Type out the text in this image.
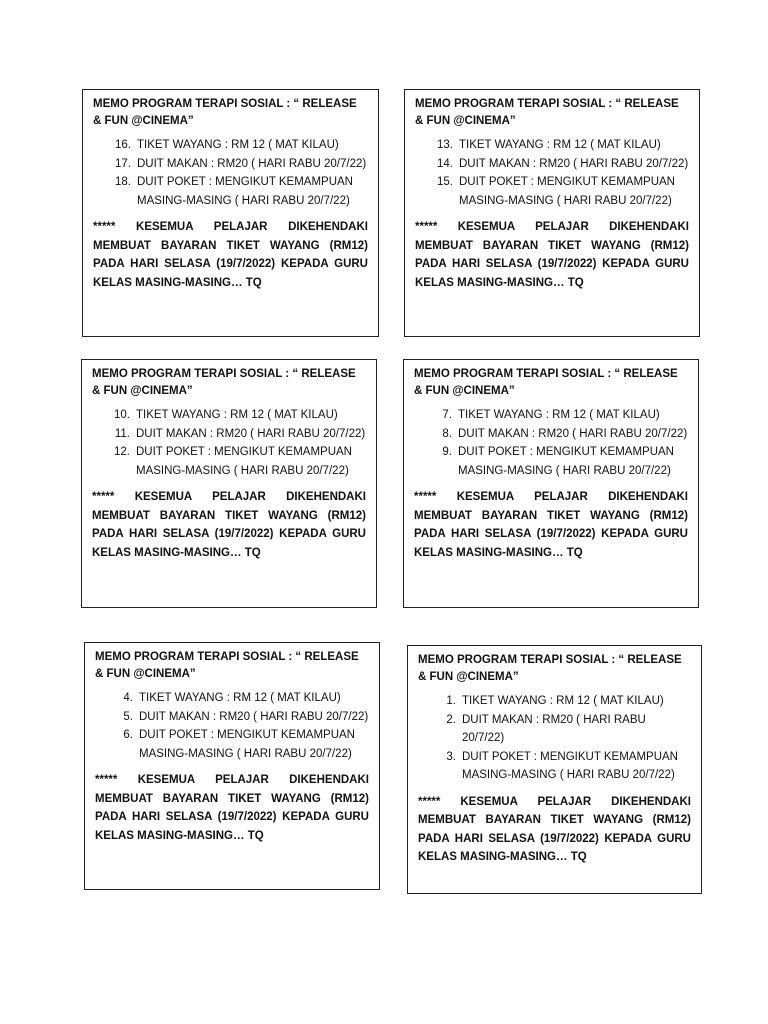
MEMO PROGRAM TERAPI SOSIAL : “ RELEASE & FUN @CINEMA”

16. TIKET WAYANG : RM 12 ( MAT KILAU)
17. DUIT MAKAN : RM20 ( HARI RABU 20/7/22)
18. DUIT POKET : MENGIKUT KEMAMPUAN MASING-MASING ( HARI RABU 20/7/22)

***** KESEMUA PELAJAR DIKEHENDAKI MEMBUAT BAYARAN TIKET WAYANG (RM12) PADA HARI SELASA (19/7/2022) KEPADA GURU KELAS MASING-MASING… TQ

MEMO PROGRAM TERAPI SOSIAL : “ RELEASE & FUN @CINEMA”

13. TIKET WAYANG : RM 12 ( MAT KILAU)
14. DUIT MAKAN : RM20 ( HARI RABU 20/7/22)
15. DUIT POKET : MENGIKUT KEMAMPUAN MASING-MASING ( HARI RABU 20/7/22)

***** KESEMUA PELAJAR DIKEHENDAKI MEMBUAT BAYARAN TIKET WAYANG (RM12) PADA HARI SELASA (19/7/2022) KEPADA GURU KELAS MASING-MASING… TQ

MEMO PROGRAM TERAPI SOSIAL : “ RELEASE & FUN @CINEMA”

10. TIKET WAYANG : RM 12 ( MAT KILAU)
11. DUIT MAKAN : RM20 ( HARI RABU 20/7/22)
12. DUIT POKET : MENGIKUT KEMAMPUAN MASING-MASING ( HARI RABU 20/7/22)

***** KESEMUA PELAJAR DIKEHENDAKI MEMBUAT BAYARAN TIKET WAYANG (RM12) PADA HARI SELASA (19/7/2022) KEPADA GURU KELAS MASING-MASING… TQ

MEMO PROGRAM TERAPI SOSIAL : “ RELEASE & FUN @CINEMA”

7. TIKET WAYANG : RM 12 ( MAT KILAU)
8. DUIT MAKAN : RM20 ( HARI RABU 20/7/22)
9. DUIT POKET : MENGIKUT KEMAMPUAN MASING-MASING ( HARI RABU 20/7/22)

***** KESEMUA PELAJAR DIKEHENDAKI MEMBUAT BAYARAN TIKET WAYANG (RM12) PADA HARI SELASA (19/7/2022) KEPADA GURU KELAS MASING-MASING… TQ

MEMO PROGRAM TERAPI SOSIAL : “ RELEASE & FUN @CINEMA”

4. TIKET WAYANG : RM 12 ( MAT KILAU)
5. DUIT MAKAN : RM20 ( HARI RABU 20/7/22)
6. DUIT POKET : MENGIKUT KEMAMPUAN MASING-MASING ( HARI RABU 20/7/22)

***** KESEMUA PELAJAR DIKEHENDAKI MEMBUAT BAYARAN TIKET WAYANG (RM12) PADA HARI SELASA (19/7/2022) KEPADA GURU KELAS MASING-MASING… TQ

MEMO PROGRAM TERAPI SOSIAL : “ RELEASE & FUN @CINEMA”

1. TIKET WAYANG : RM 12 ( MAT KILAU)
2. DUIT MAKAN : RM20 ( HARI RABU 20/7/22)
3. DUIT POKET : MENGIKUT KEMAMPUAN MASING-MASING ( HARI RABU 20/7/22)

***** KESEMUA PELAJAR DIKEHENDAKI MEMBUAT BAYARAN TIKET WAYANG (RM12) PADA HARI SELASA (19/7/2022) KEPADA GURU KELAS MASING-MASING… TQ
